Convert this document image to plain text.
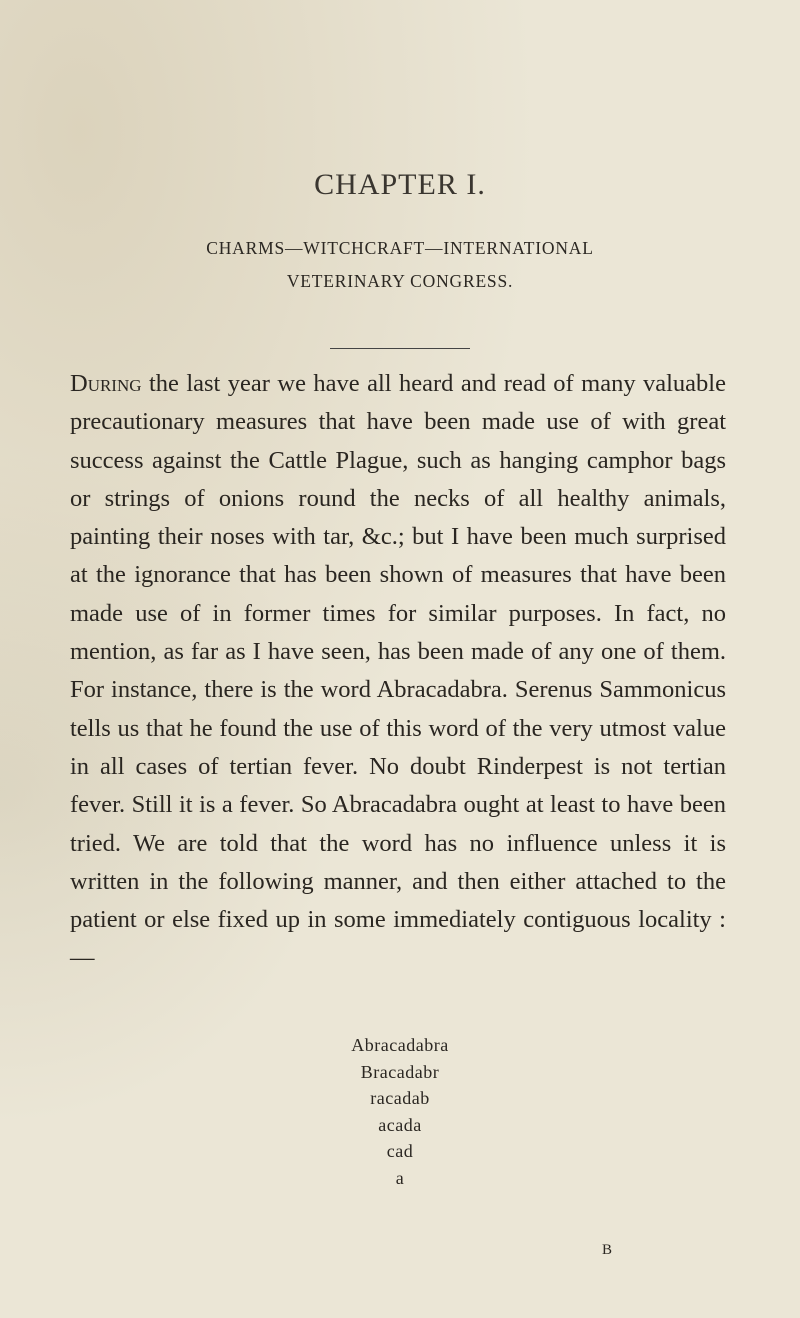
CHAPTER I.
CHARMS—WITCHCRAFT—INTERNATIONAL
VETERINARY CONGRESS.

During the last year we have all heard and read of many valuable precautionary measures that have been made use of with great success against the Cattle Plague, such as hanging camphor bags or strings of onions round the necks of all healthy animals, painting their noses with tar, &c.; but I have been much surprised at the ignorance that has been shown of measures that have been made use of in former times for similar purposes. In fact, no mention, as far as I have seen, has been made of any one of them. For instance, there is the word Abracadabra. Serenus Sammonicus tells us that he found the use of this word of the very utmost value in all cases of tertian fever. No doubt Rinderpest is not tertian fever. Still it is a fever. So Abracadabra ought at least to have been tried. We are told that the word has no influence unless it is written in the following manner, and then either attached to the patient or else fixed up in some immediately contiguous locality :—

Abracadabra
Bracadabr
racadab
acada
cad
a

B
